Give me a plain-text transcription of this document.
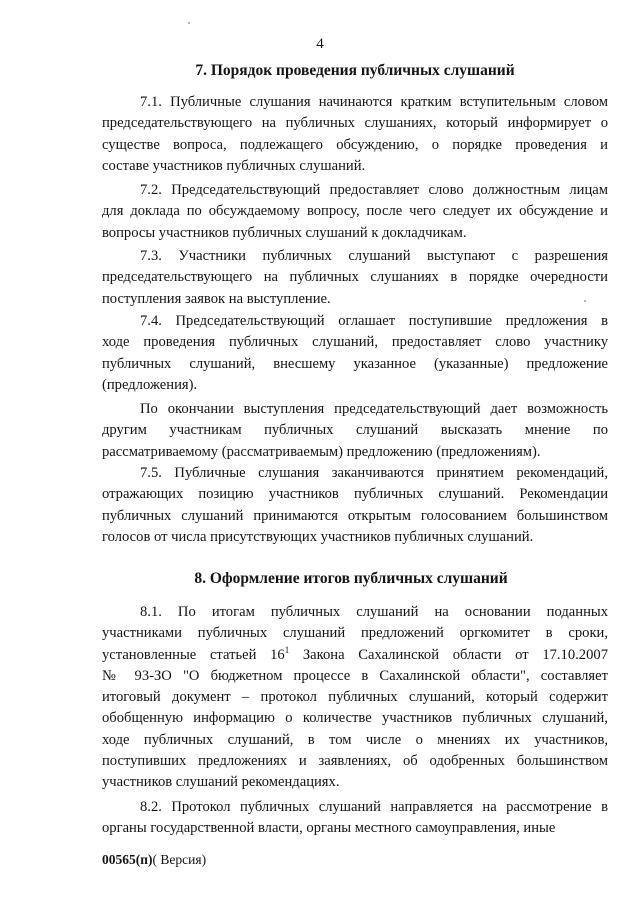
4
7. Порядок проведения публичных слушаний
7.1. Публичные слушания начинаются кратким вступительным словом
председательствующего на публичных слушаниях, который информирует о
существе вопроса, подлежащего обсуждению, о порядке проведения и
составе участников публичных слушаний.
7.2. Председательствующий предоставляет слово должностным лицам
для доклада по обсуждаемому вопросу, после чего следует их обсуждение и
вопросы участников публичных слушаний к докладчикам.
7.3. Участники публичных слушаний выступают с разрешения
председательствующего на публичных слушаниях в порядке очередности
поступления заявок на выступление.
7.4. Председательствующий оглашает поступившие предложения в
ходе проведения публичных слушаний, предоставляет слово участнику
публичных слушаний, внесшему указанное (указанные) предложение
(предложения).
По окончании выступления председательствующий дает возможность
другим участникам публичных слушаний высказать мнение по
рассматриваемому (рассматриваемым) предложению (предложениям).
7.5. Публичные слушания заканчиваются принятием рекомендаций,
отражающих позицию участников публичных слушаний. Рекомендации
публичных слушаний принимаются открытым голосованием большинством
голосов от числа присутствующих участников публичных слушаний.
8. Оформление итогов публичных слушаний
8.1. По итогам публичных слушаний на основании поданных
участниками публичных слушаний предложений оргкомитет в сроки,
установленные статьей $16^1$ Закона Сахалинской области от 17.10.2007
№ 93-ЗО "О бюджетном процессе в Сахалинской области", составляет
итоговый документ – протокол публичных слушаний, который содержит
обобщенную информацию о количестве участников публичных слушаний,
ходе публичных слушаний, в том числе о мнениях их участников,
поступивших предложениях и заявлениях, об одобренных большинством
участников слушаний рекомендациях.
8.2. Протокол публичных слушаний направляется на рассмотрение в
органы государственной власти, органы местного самоуправления, иные
00565(п)( Версия)
